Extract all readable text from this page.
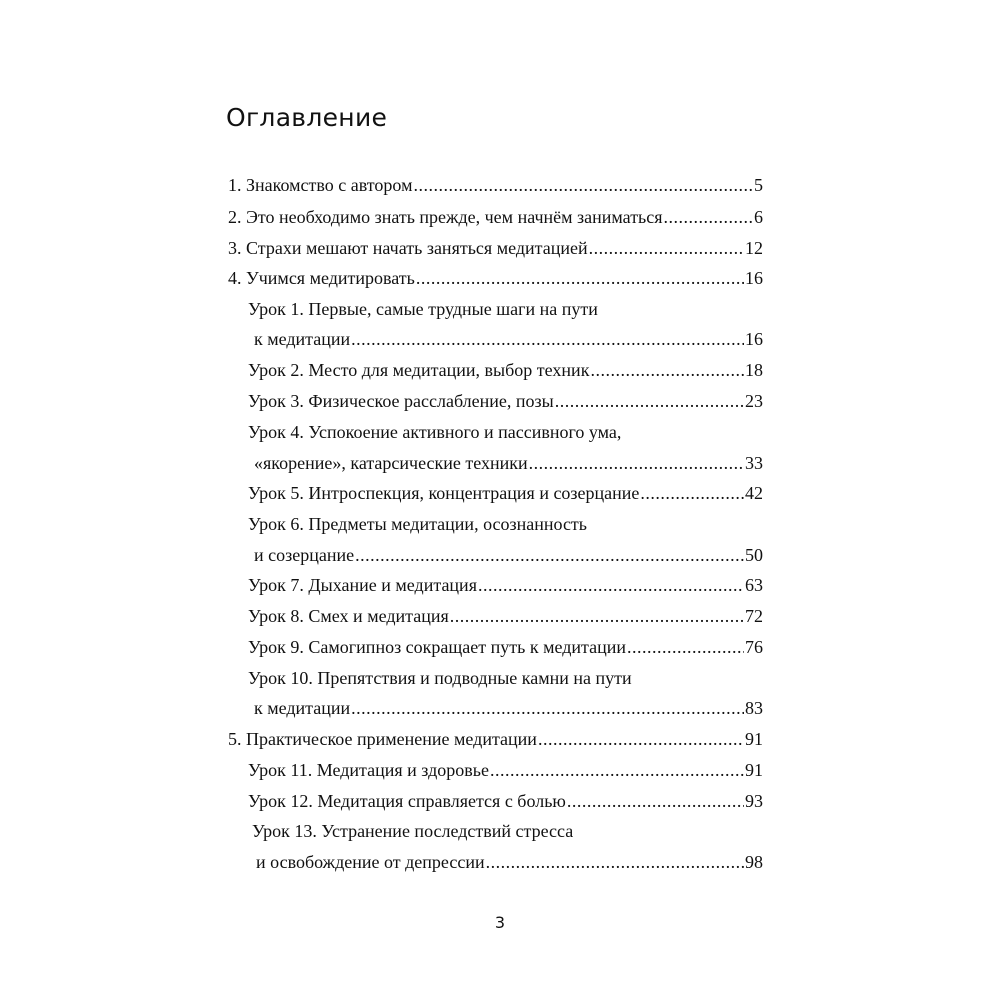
Оглавление
1. Знакомство с автором .....	5
2. Это необходимо знать прежде, чем начнём заниматься .....	6
3. Страхи мешают начать заняться медитацией .....	12
4. Учимся медитировать .....	16
Урок 1. Первые, самые трудные шаги на пути
к медитации .....	16
Урок 2. Место для медитации, выбор техник .....	18
Урок 3. Физическое расслабление, позы .....	23
Урок 4. Успокоение активного и пассивного ума,
«якорение», катарсические техники .....	33
Урок 5. Интроспекция, концентрация и созерцание .....	42
Урок 6. Предметы медитации, осознанность
и созерцание .....	50
Урок 7. Дыхание и медитация .....	63
Урок 8. Смех и медитация .....	72
Урок 9. Самогипноз сокращает путь к медитации .....	76
Урок 10. Препятствия и подводные камни на пути
к медитации .....	83
5. Практическое применение медитации .....	91
Урок 11. Медитация и здоровье .....	91
Урок 12. Медитация справляется с болью .....	93
Урок 13. Устранение последствий стресса
и освобождение от депрессии .....	98
3
